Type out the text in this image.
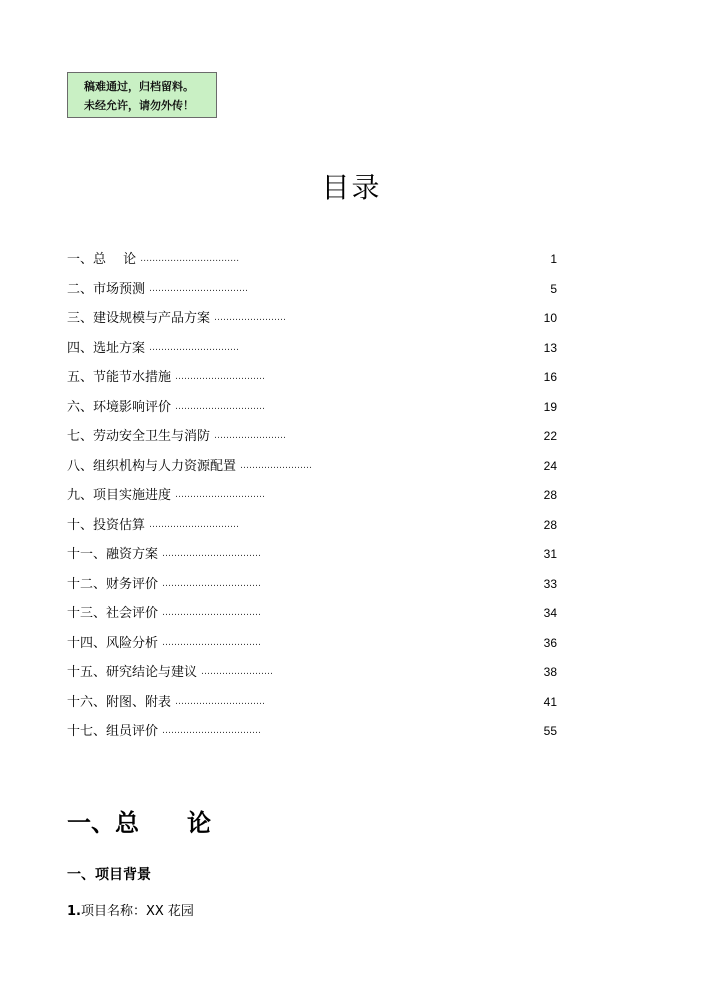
稿难通过，归档留料。
未经允许，请勿外传！
目录
一、总　 论 ……………………………	1
二、市场预测 ……………………………	5
三、建设规模与产品方案……………………	10
四、选址方案…………………………	13
五、节能节水措施…………………………	16
六、环境影响评价…………………………	19
七、劳动安全卫生与消防……………………	22
八、组织机构与人力资源配置……………………	24
九、项目实施进度…………………………	28
十、投资估算…………………………	28
十一、融资方案……………………………	31
十二、财务评价……………………………	33
十三、社会评价……………………………	34
十四、风险分析……………………………	36
十五、研究结论与建议……………………	38
十六、附图、附表…………………………	41
十七、组员评价……………………………	55
一、总　　论
一、项目背景
1.项目名称：XX 花园
